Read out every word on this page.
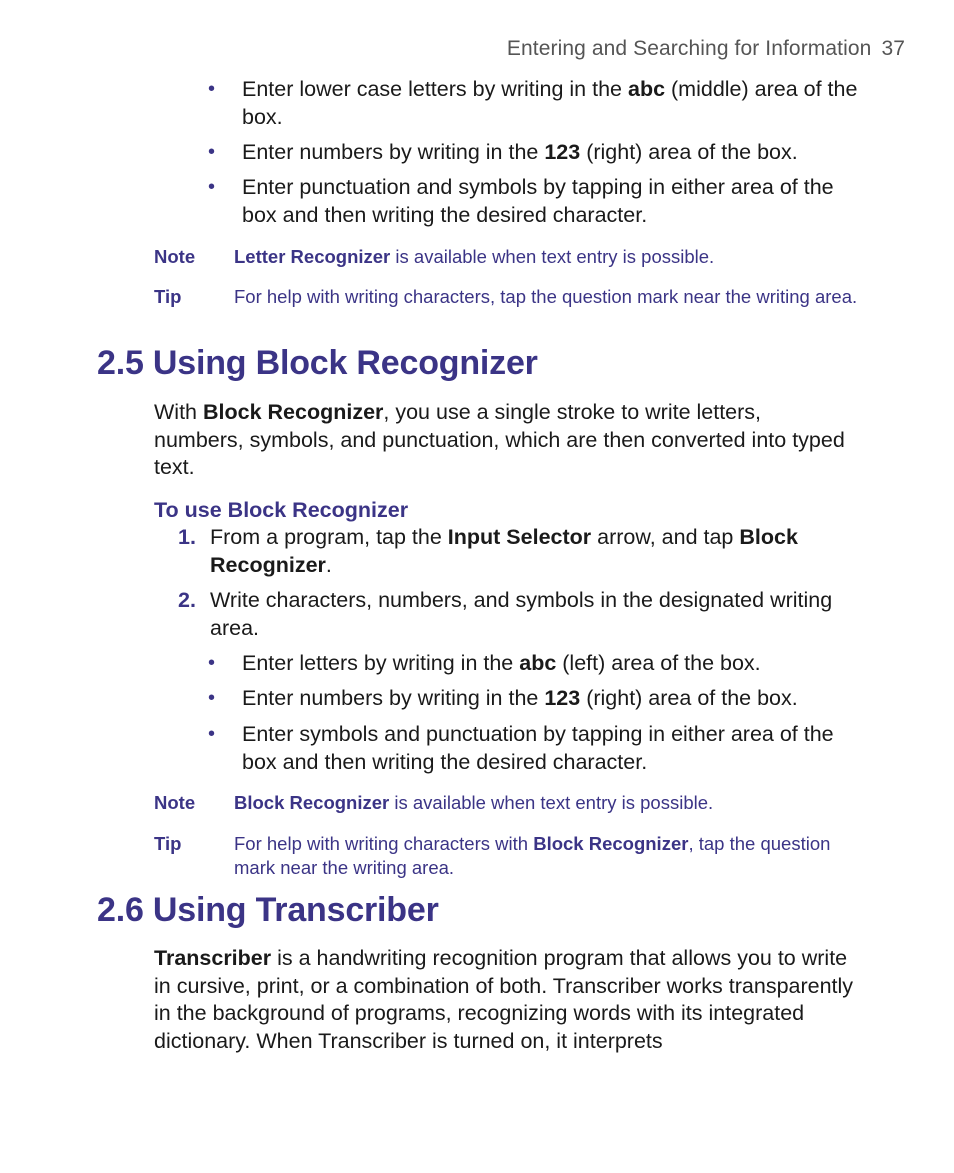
Entering and Searching for Information 37
•	Enter lower case letters by writing in the abc (middle) area of the box.
•	Enter numbers by writing in the 123 (right) area of the box.
•	Enter punctuation and symbols by tapping in either area of the box and then writing the desired character.
Note	Letter Recognizer is available when text entry is possible.
Tip	For help with writing characters, tap the question mark near the writing area.
2.5 Using Block Recognizer
With Block Recognizer, you use a single stroke to write letters, numbers, symbols, and punctuation, which are then converted into typed text.
To use Block Recognizer
1. From a program, tap the Input Selector arrow, and tap Block Recognizer.
2. Write characters, numbers, and symbols in the designated writing area.
•	Enter letters by writing in the abc (left) area of the box.
•	Enter numbers by writing in the 123 (right) area of the box.
•	Enter symbols and punctuation by tapping in either area of the box and then writing the desired character.
Note	Block Recognizer is available when text entry is possible.
Tip	For help with writing characters with Block Recognizer, tap the question mark near the writing area.
2.6 Using Transcriber
Transcriber is a handwriting recognition program that allows you to write in cursive, print, or a combination of both. Transcriber works transparently in the background of programs, recognizing words with its integrated dictionary. When Transcriber is turned on, it interprets
